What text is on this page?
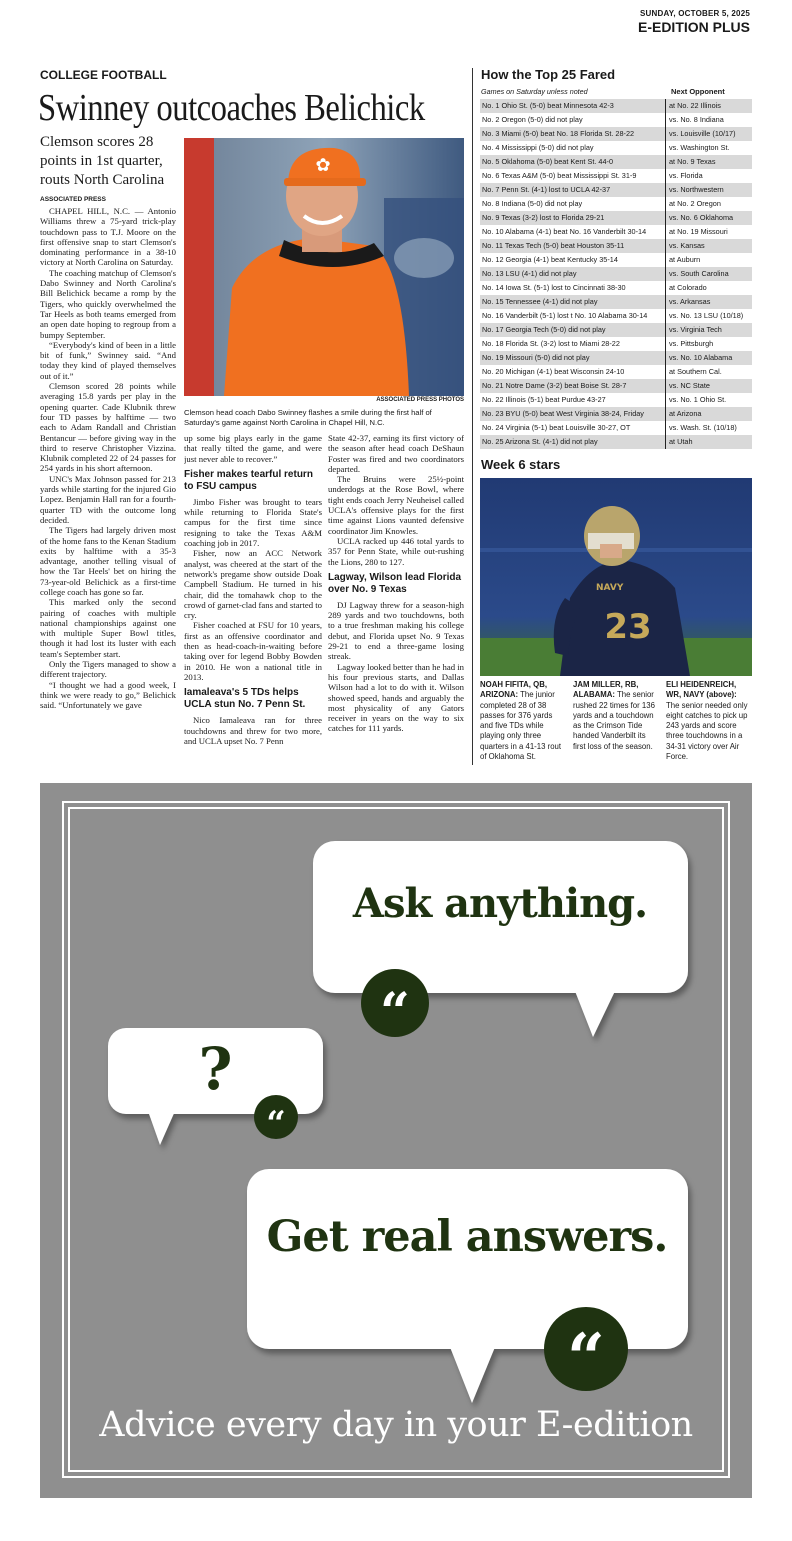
SUNDAY, OCTOBER 5, 2025
E-EDITION PLUS
COLLEGE FOOTBALL
Swinney outcoaches Belichick
Clemson scores 28 points in 1st quarter, routs North Carolina
ASSOCIATED PRESS

CHAPEL HILL, N.C. — Antonio Williams threw a 75-yard trick-play touchdown pass to T.J. Moore on the first offensive snap to start Clemson's dominating performance in a 38-10 victory at North Carolina on Saturday.

The coaching matchup of Clemson's Dabo Swinney and North Carolina's Bill Belichick became a romp by the Tigers, who quickly overwhelmed the Tar Heels as both teams emerged from an open date hoping to regroup from a bumpy September.

“Everybody's kind of been in a little bit of funk,” Swinney said. “And today they kind of played themselves out of it.”

Clemson scored 28 points while averaging 15.8 yards per play in the opening quarter. Cade Klubnik threw four TD passes by halftime — two each to Adam Randall and Christian Bentancur — before giving way in the third to reserve Christopher Vizzina. Klubnik completed 22 of 24 passes for 254 yards in his short afternoon.

UNC's Max Johnson passed for 213 yards while starting for the injured Gio Lopez. Benjamin Hall ran for a fourth-quarter TD with the outcome long decided.

The Tigers had largely driven most of the home fans to the Kenan Stadium exits by halftime with a 35-3 advantage, another telling visual of how the Tar Heels' bet on hiring the 73-year-old Belichick as a first-time college coach has gone so far.

This marked only the second pairing of coaches with multiple national championships against one with multiple Super Bowl titles, though it had lost its luster with each team's September start.

Only the Tigers managed to show a different trajectory.

“I thought we had a good week, I think we were ready to go,” Belichick said. “Unfortunately we gave

✿
ASSOCIATED PRESS PHOTOS
Clemson head coach Dabo Swinney flashes a smile during the first half of Saturday's game against North Carolina in Chapel Hill, N.C.

up some big plays early in the game that really tilted the game, and were just never able to recover.”

Fisher makes tearful return to FSU campus

Jimbo Fisher was brought to tears while returning to Florida State's campus for the first time since resigning to take the Texas A&M coaching job in 2017.

Fisher, now an ACC Network analyst, was cheered at the start of the network's pregame show outside Doak Campbell Stadium. He turned in his chair, did the tomahawk chop to the crowd of garnet-clad fans and started to cry.

Fisher coached at FSU for 10 years, first as an offensive coordinator and then as head-coach-in-waiting before taking over for legend Bobby Bowden in 2010. He won a national title in 2013.

Iamaleava's 5 TDs helps UCLA stun No. 7 Penn St.

Nico Iamaleava ran for three touchdowns and threw for two more, and UCLA upset No. 7 Penn

State 42-37, earning its first victory of the season after head coach DeShaun Foster was fired and two coordinators departed.

The Bruins were 25½-point underdogs at the Rose Bowl, where tight ends coach Jerry Neuheisel called UCLA's offensive plays for the first time against Lions vaunted defensive coordinator Jim Knowles.

UCLA racked up 446 total yards to 357 for Penn State, while out-rushing the Lions, 280 to 127.

Lagway, Wilson lead Florida over No. 9 Texas

DJ Lagway threw for a season-high 289 yards and two touchdowns, both to a true freshman making his college debut, and Florida upset No. 9 Texas 29-21 to end a three-game losing streak.

Lagway looked better than he had in his four previous starts, and Dallas Wilson had a lot to do with it. Wilson showed speed, hands and arguably the most physicality of any Gators receiver in years on the way to six catches for 111 yards.

How the Top 25 Fared
Games on Saturday unless noted	Next Opponent
No. 1 Ohio St. (5-0) beat Minnesota 42-3	at No. 22 Illinois
No. 2 Oregon (5-0) did not play	vs. No. 8 Indiana
No. 3 Miami (5-0) beat No. 18 Florida St. 28-22	vs. Louisville (10/17)
No. 4 Mississippi (5-0) did not play	vs. Washington St.
No. 5 Oklahoma (5-0) beat Kent St. 44-0	at No. 9 Texas
No. 6 Texas A&M (5-0) beat Mississippi St. 31-9	vs. Florida
No. 7 Penn St. (4-1) lost to UCLA 42-37	vs. Northwestern
No. 8 Indiana (5-0) did not play	at No. 2 Oregon
No. 9 Texas (3-2) lost to Florida 29-21	vs. No. 6 Oklahoma
No. 10 Alabama (4-1) beat No. 16 Vanderbilt 30-14	at No. 19 Missouri
No. 11 Texas Tech (5-0) beat Houston 35-11	vs. Kansas
No. 12 Georgia (4-1) beat Kentucky 35-14	at Auburn
No. 13 LSU (4-1) did not play	vs. South Carolina
No. 14 Iowa St. (5-1) lost to Cincinnati 38-30	at Colorado
No. 15 Tennessee (4-1) did not play	vs. Arkansas
No. 16 Vanderbilt (5-1) lost t No. 10 Alabama 30-14	vs. No. 13 LSU (10/18)
No. 17 Georgia Tech (5-0) did not play	vs. Virginia Tech
No. 18 Florida St. (3-2) lost to Miami 28-22	vs. Pittsburgh
No. 19 Missouri (5-0) did not play	vs. No. 10 Alabama
No. 20 Michigan (4-1) beat Wisconsin 24-10	at Southern Cal.
No. 21 Notre Dame (3-2) beat Boise St. 28-7	vs. NC State
No. 22 Illinois (5-1) beat Purdue 43-27	vs. No. 1 Ohio St.
No. 23 BYU (5-0) beat West Virginia 38-24, Friday	at Arizona
No. 24 Virginia (5-1) beat Louisville 30-27, OT	vs. Wash. St. (10/18)
No. 25 Arizona St. (4-1) did not play	at Utah
Week 6 stars
23
NAVY
NOAH FIFITA, QB, ARIZONA: The junior completed 28 of 38 passes for 376 yards and five TDs while playing only three quarters in a 41-13 rout of Oklahoma St.
JAM MILLER, RB, ALABAMA: The senior rushed 22 times for 136 yards and a touchdown as the Crimson Tide handed Vanderbilt its first loss of the season.
ELI HEIDENREICH, WR, NAVY (above): The senior needed only eight catches to pick up 243 yards and score three touchdowns in a 34-31 victory over Air Force.
“
“
“
Ask anything.
?
Get real answers.
Advice every day in your E-edition
